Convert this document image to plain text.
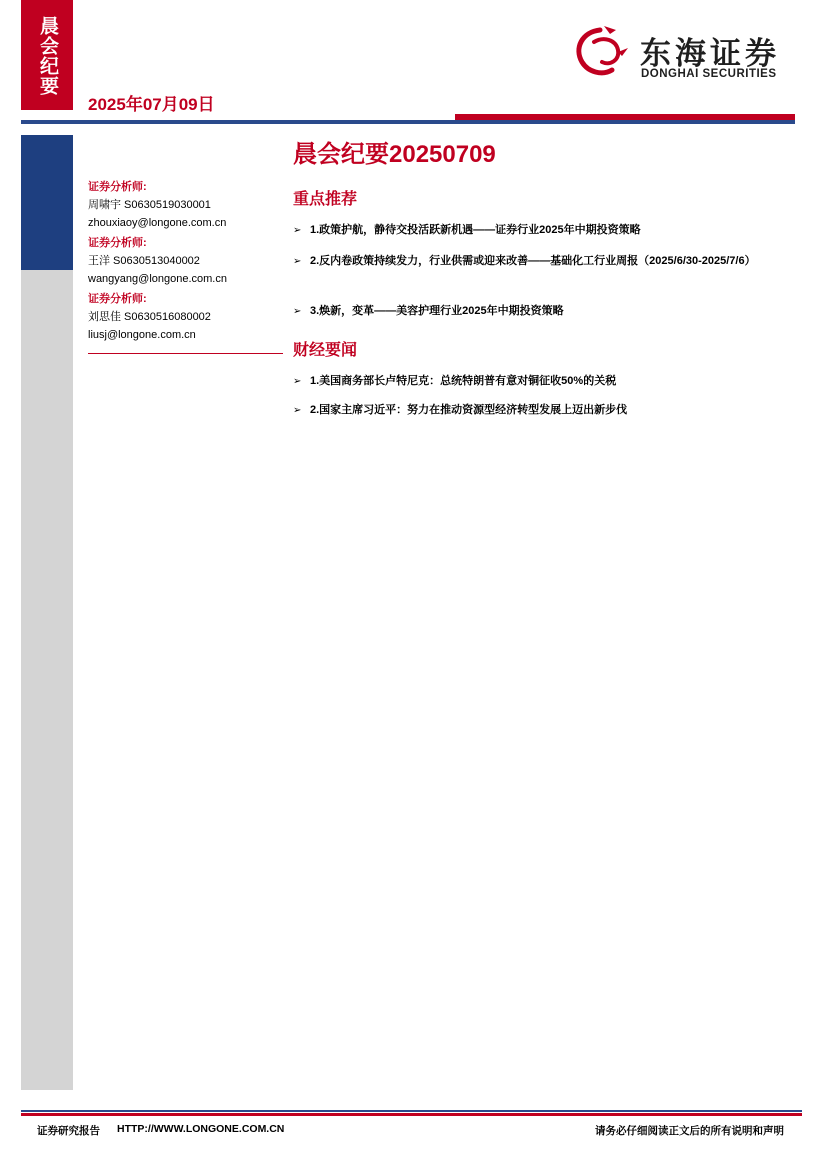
晨会纪要
2025年07月09日
东海证券
DONGHAI SECURITIES
晨会纪要20250709
证券分析师:
周啸宇 S0630519030001
zhouxiaoy@longone.com.cn
证券分析师:
王洋 S0630513040002
wangyang@longone.com.cn
证券分析师:
刘思佳 S0630516080002
liusj@longone.com.cn
重点推荐
➢ 1.政策护航，静待交投活跃新机遇——证券行业2025年中期投资策略
➢ 2.反内卷政策持续发力，行业供需或迎来改善——基础化工行业周报（2025/6/30-2025/7/6）
➢ 3.焕新，变革——美容护理行业2025年中期投资策略
财经要闻
➢ 1.美国商务部长卢特尼克：总统特朗普有意对铜征收50%的关税
➢ 2.国家主席习近平：努力在推动资源型经济转型发展上迈出新步伐
证券研究报告 HTTP://WWW.LONGONE.COM.CN	请务必仔细阅读正文后的所有说明和声明
